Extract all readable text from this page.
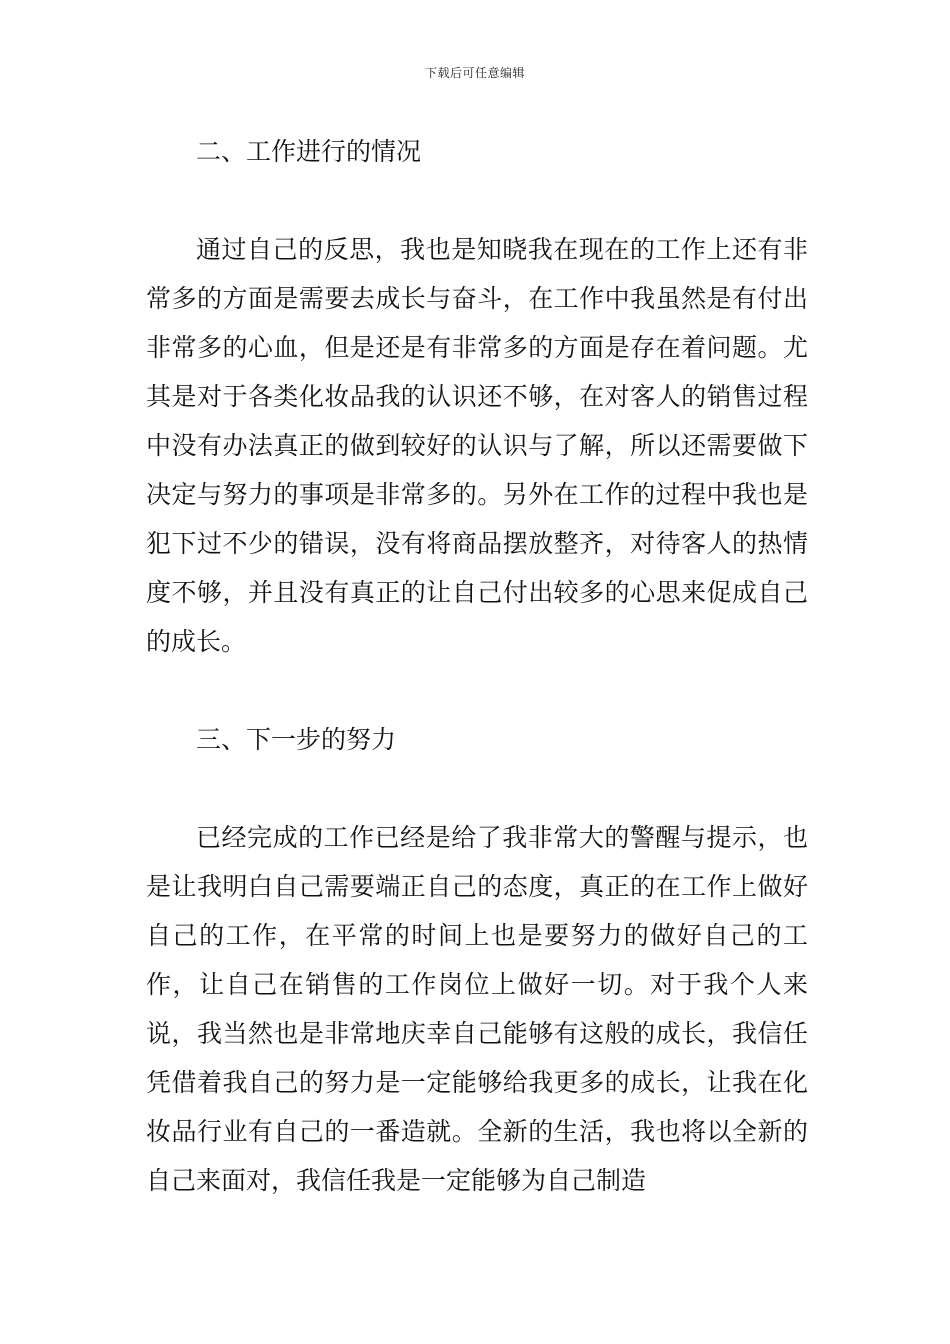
下载后可任意编辑
二、工作进行的情况

通过自己的反思，我也是知晓我在现在的工作上还有非常多的方面是需要去成长与奋斗，在工作中我虽然是有付出非常多的心血，但是还是有非常多的方面是存在着问题。尤其是对于各类化妆品我的认识还不够，在对客人的销售过程中没有办法真正的做到较好的认识与了解，所以还需要做下决定与努力的事项是非常多的。另外在工作的过程中我也是犯下过不少的错误，没有将商品摆放整齐，对待客人的热情度不够，并且没有真正的让自己付出较多的心思来促成自己的成长。

三、下一步的努力

已经完成的工作已经是给了我非常大的警醒与提示，也是让我明白自己需要端正自己的态度，真正的在工作上做好自己的工作，在平常的时间上也是要努力的做好自己的工作，让自己在销售的工作岗位上做好一切。对于我个人来说，我当然也是非常地庆幸自己能够有这般的成长，我信任凭借着我自己的努力是一定能够给我更多的成长，让我在化妆品行业有自己的一番造就。全新的生活，我也将以全新的自己来面对，我信任我是一定能够为自己制造
